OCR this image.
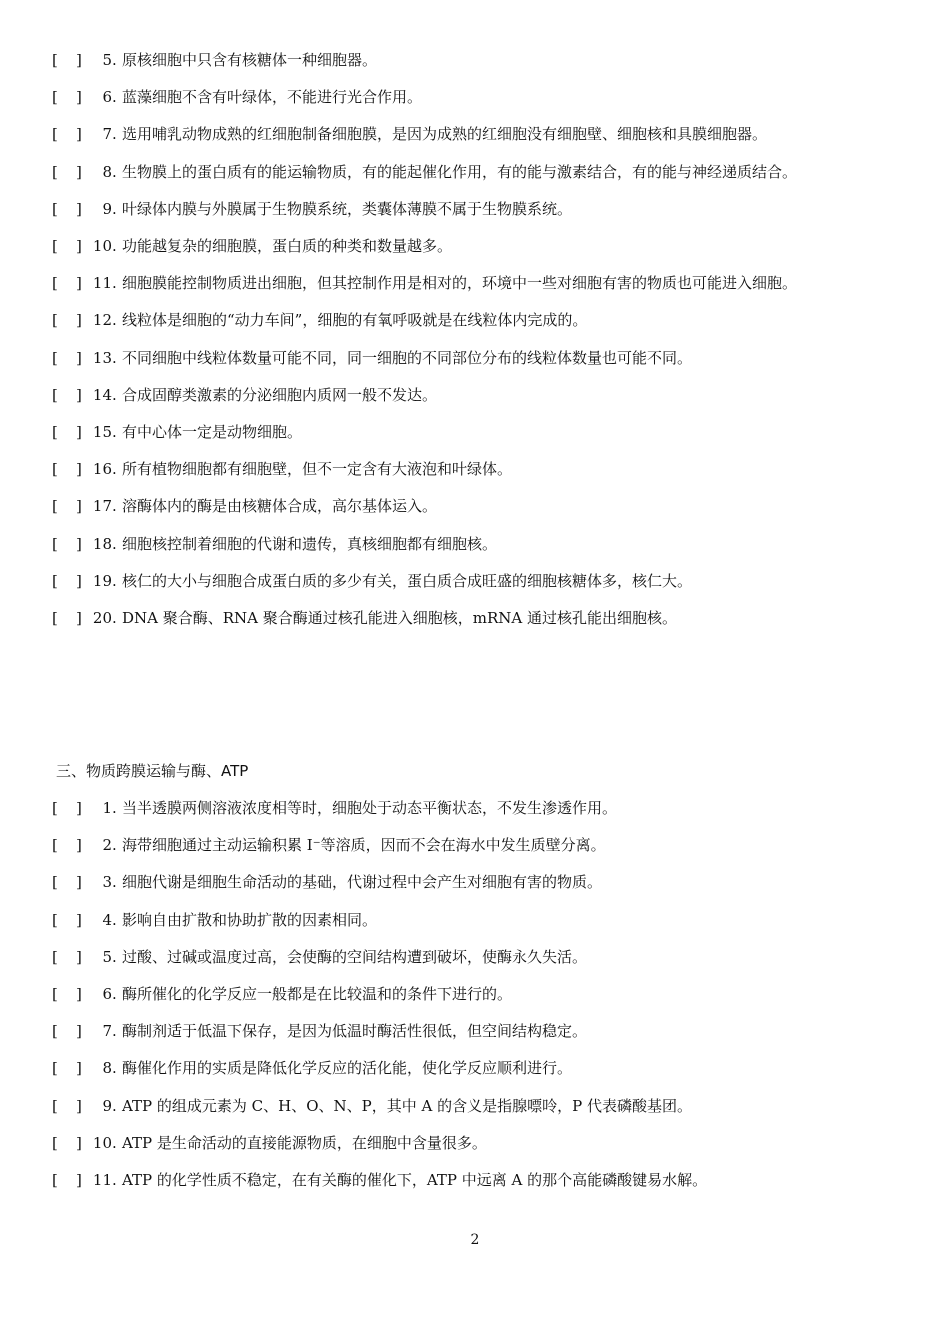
[	]	5 . 原核细胞中只含有核糖体一种细胞器。
[	]	6 . 蓝藻细胞不含有叶绿体，不能进行光合作用。
[	]	7 . 选用哺乳动物成熟的红细胞制备细胞膜，是因为成熟的红细胞没有细胞壁、细胞核和具膜细胞器。
[	]	8 . 生物膜上的蛋白质有的能运输物质，有的能起催化作用，有的能与激素结合，有的能与神经递质结合。
[	]	9 . 叶绿体内膜与外膜属于生物膜系统，类囊体薄膜不属于生物膜系统。
[	] 10 . 功能越复杂的细胞膜，蛋白质的种类和数量越多。
[	] 11 . 细胞膜能控制物质进出细胞，但其控制作用是相对的，环境中一些对细胞有害的物质也可能进入细胞。
[	] 12 . 线粒体是细胞的“动力车间”，细胞的有氧呼吸就是在线粒体内完成的。
[	] 13 . 不同细胞中线粒体数量可能不同，同一细胞的不同部位分布的线粒体数量也可能不同。
[	] 14 . 合成固醇类激素的分泌细胞内质网一般不发达。
[	] 15 . 有中心体一定是动物细胞。
[	] 16 . 所有植物细胞都有细胞壁，但不一定含有大液泡和叶绿体。
[	] 17 . 溶酶体内的酶是由核糖体合成，高尔基体运入。
[	] 18 . 细胞核控制着细胞的代谢和遗传，真核细胞都有细胞核。
[	] 19 . 核仁的大小与细胞合成蛋白质的多少有关，蛋白质合成旺盛的细胞核糖体多，核仁大。
[	] 20 . DNA 聚合酶、RNA 聚合酶通过核孔能进入细胞核，mRNA 通过核孔能出细胞核。
三、物质跨膜运输与酶、ATP
[	]	1 . 当半透膜两侧溶液浓度相等时，细胞处于动态平衡状态，不发生渗透作用。
[	]	2 . 海带细胞通过主动运输积累 I⁻等溶质，因而不会在海水中发生质壁分离。
[	]	3 . 细胞代谢是细胞生命活动的基础，代谢过程中会产生对细胞有害的物质。
[	]	4 . 影响自由扩散和协助扩散的因素相同。
[	]	5 . 过酸、过碱或温度过高，会使酶的空间结构遭到破坏，使酶永久失活。
[	]	6 . 酶所催化的化学反应一般都是在比较温和的条件下进行的。
[	]	7 . 酶制剂适于低温下保存，是因为低温时酶活性很低，但空间结构稳定。
[	]	8 . 酶催化作用的实质是降低化学反应的活化能，使化学反应顺利进行。
[	]	9 . ATP 的组成元素为 C、H、O、N、P，其中 A 的含义是指腺嘌呤，P 代表磷酸基团。
[	] 10 . ATP 是生命活动的直接能源物质，在细胞中含量很多。
[	] 11 . ATP 的化学性质不稳定，在有关酶的催化下，ATP 中远离 A 的那个高能磷酸键易水解。
2
